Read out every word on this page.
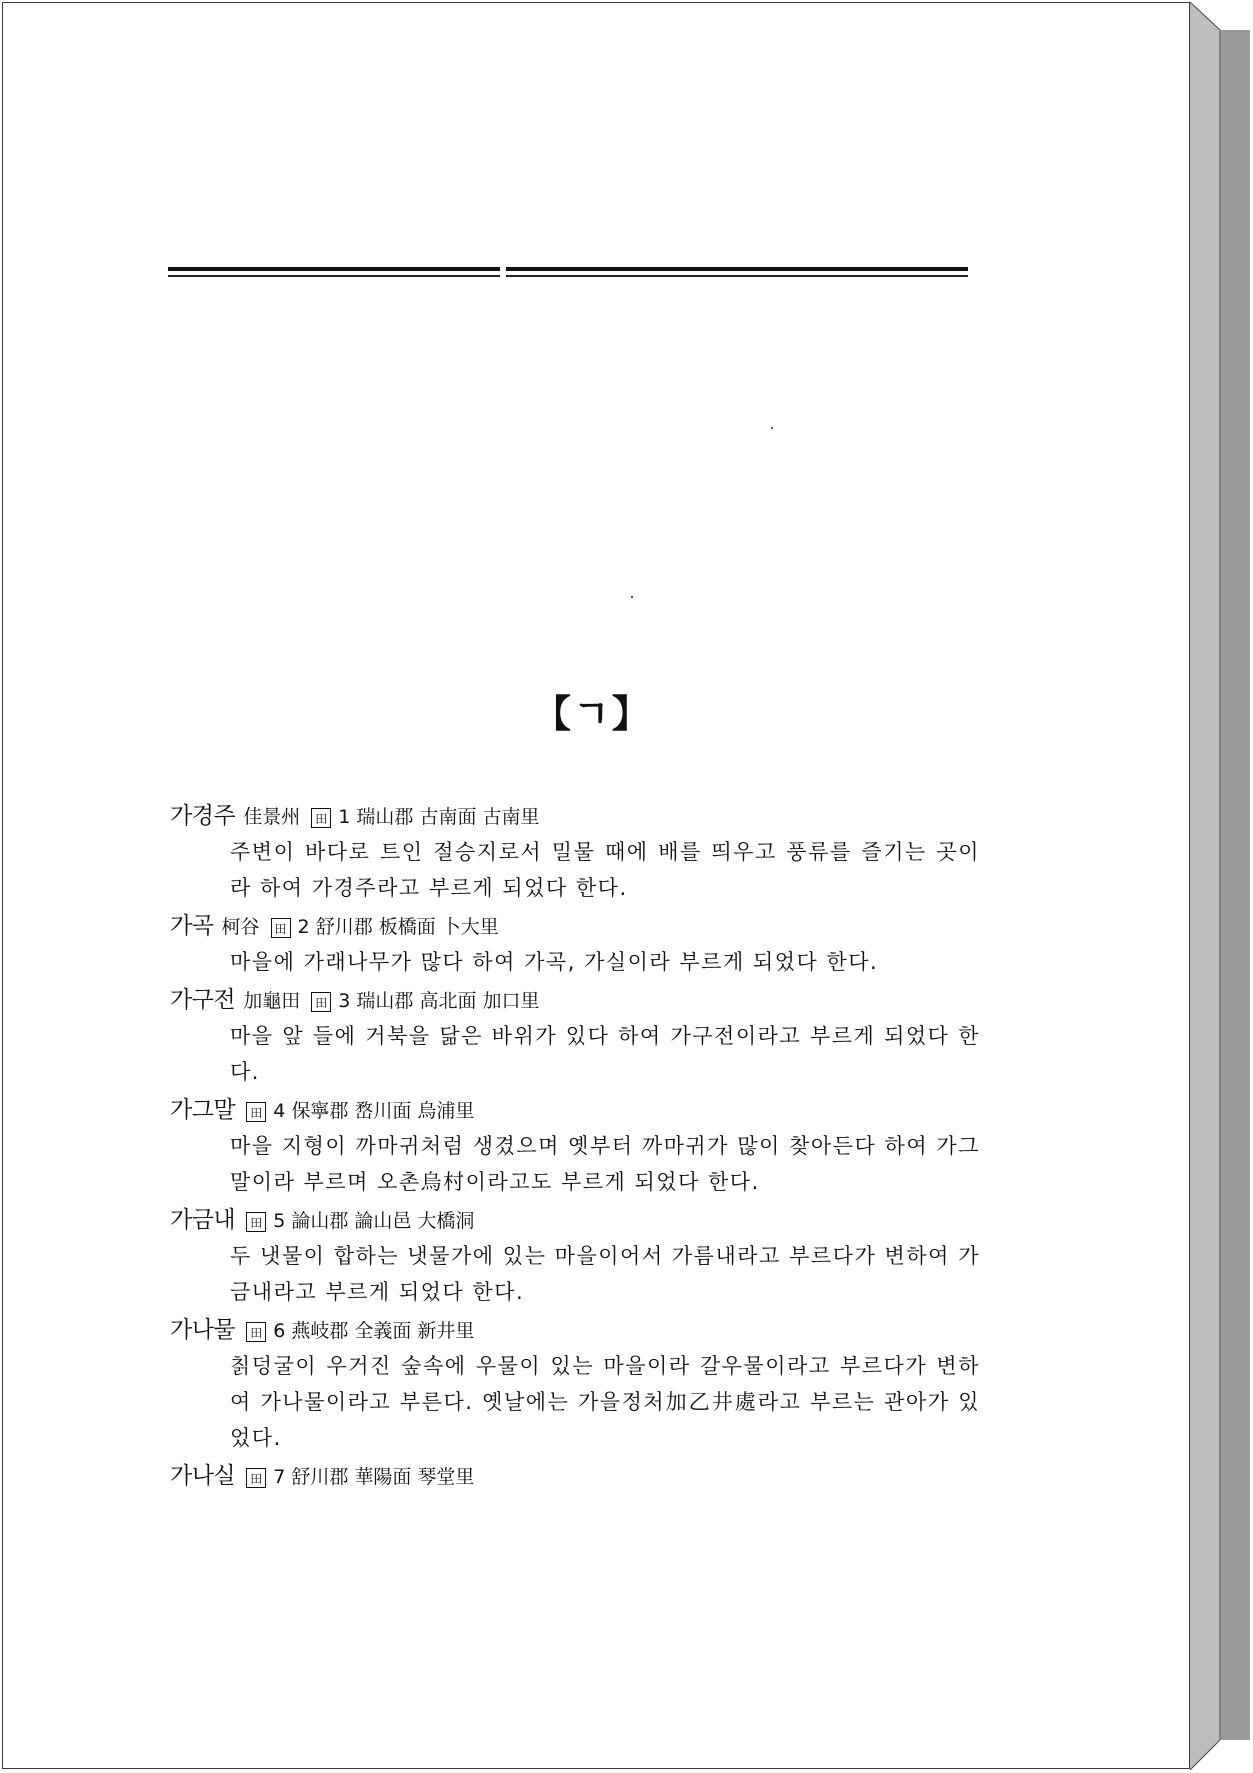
【ㄱ】
가경주 佳景州 田 1 瑞山郡 古南面 古南里

주변이 바다로 트인 절승지로서 밀물 때에 배를 띄우고 풍류를 즐기는 곳이라 하여 가경주라고 부르게 되었다 한다.

가곡 柯谷 田 2 舒川郡 板橋面 卜大里

마을에 가래나무가 많다 하여 가곡, 가실이라 부르게 되었다 한다.

가구전 加龜田 田 3 瑞山郡 高北面 加口里

마을 앞 들에 거북을 닮은 바위가 있다 하여 가구전이라고 부르게 되었다 한다.

가그말 田 4 保寧郡 嵍川面 烏浦里

마을 지형이 까마귀처럼 생겼으며 옛부터 까마귀가 많이 찾아든다 하여 가그말이라 부르며 오촌烏村이라고도 부르게 되었다 한다.

가금내 田 5 論山郡 論山邑 大橋洞

두 냇물이 합하는 냇물가에 있는 마을이어서 가름내라고 부르다가 변하여 가금내라고 부르게 되었다 한다.

가나물 田 6 燕岐郡 全義面 新井里

칡덩굴이 우거진 숲속에 우물이 있는 마을이라 갈우물이라고 부르다가 변하여 가나물이라고 부른다. 옛날에는 가을정처加乙井處라고 부르는 관아가 있었다.

가나실 田 7 舒川郡 華陽面 琴堂里
